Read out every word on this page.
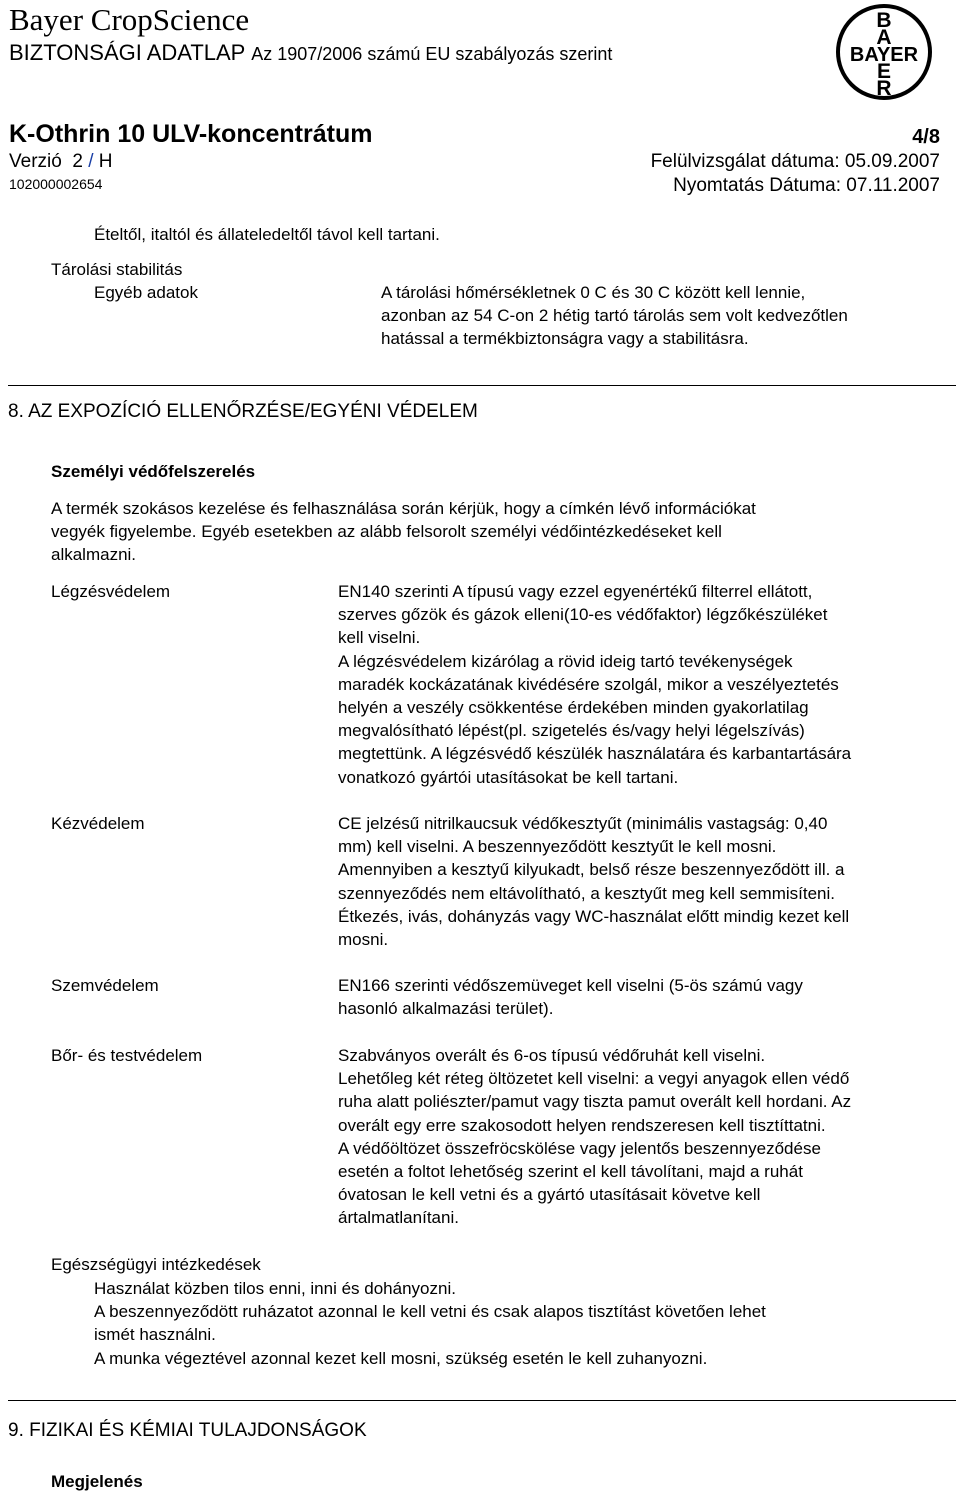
Bayer CropScience
BIZTONSÁGI ADATLAP Az 1907/2006 számú EU szabályozás szerint
B
A
BAYER
E
R
K-Othrin 10 ULV-koncentrátum	4/8
Verzió 2 / H	Felülvizsgálat dátuma: 05.09.2007
102000002654	Nyomtatás Dátuma: 07.11.2007
Ételtől, italtól és állateledeltől távol kell tartani.
Tárolási stabilitás
Egyéb adatok	A tárolási hőmérsékletnek 0 C és 30 C között kell lennie,

azonban az 54 C-on 2 hétig tartó tárolás sem volt kedvezőtlen

hatással a termékbiztonságra vagy a stabilitásra.

8. AZ EXPOZÍCIÓ ELLENŐRZÉSE/EGYÉNI VÉDELEM
Személyi védőfelszerelés

A termék szokásos kezelése és felhasználása során kérjük, hogy a címkén lévő információkat

vegyék figyelembe. Egyéb esetekben az alább felsorolt személyi védőintézkedéseket kell

alkalmazni.

Légzésvédelem	EN140 szerinti A típusú vagy ezzel egyenértékű filterrel ellátott,

szerves gőzök és gázok elleni(10-es védőfaktor) légzőkészüléket

kell viselni.

A légzésvédelem kizárólag a rövid ideig tartó tevékenységek

maradék kockázatának kivédésére szolgál, mikor a veszélyeztetés

helyén a veszély csökkentése érdekében minden gyakorlatilag

megvalósítható lépést(pl. szigetelés és/vagy helyi légelszívás)

megtettünk. A légzésvédő készülék használatára és karbantartására

vonatkozó gyártói utasításokat be kell tartani.

Kézvédelem	CE jelzésű nitrilkaucsuk védőkesztyűt (minimális vastagság: 0,40

mm) kell viselni. A beszennyeződött kesztyűt le kell mosni.

Amennyiben a kesztyű kilyukadt, belső része beszennyeződött ill. a

szennyeződés nem eltávolítható, a kesztyűt meg kell semmisíteni.

Étkezés, ivás, dohányzás vagy WC-használat előtt mindig kezet kell

mosni.

Szemvédelem	EN166 szerinti védőszemüveget kell viselni (5-ös számú vagy

hasonló alkalmazási terület).

Bőr- és testvédelem	Szabványos overált és 6-os típusú védőruhát kell viselni.

Lehetőleg két réteg öltözetet kell viselni: a vegyi anyagok ellen védő

ruha alatt poliészter/pamut vagy tiszta pamut overált kell hordani. Az

overált egy erre szakosodott helyen rendszeresen kell tisztíttatni.

A védőöltözet összefröcskölése vagy jelentős beszennyeződése

esetén a foltot lehetőség szerint el kell távolítani, majd a ruhát

óvatosan le kell vetni és a gyártó utasításait követve kell

ártalmatlanítani.

Egészségügyi intézkedések

Használat közben tilos enni, inni és dohányozni.

A beszennyeződött ruházatot azonnal le kell vetni és csak alapos tisztítást követően lehet

ismét használni.

A munka végeztével azonnal kezet kell mosni, szükség esetén le kell zuhanyozni.

9. FIZIKAI ÉS KÉMIAI TULAJDONSÁGOK
Megjelenés
